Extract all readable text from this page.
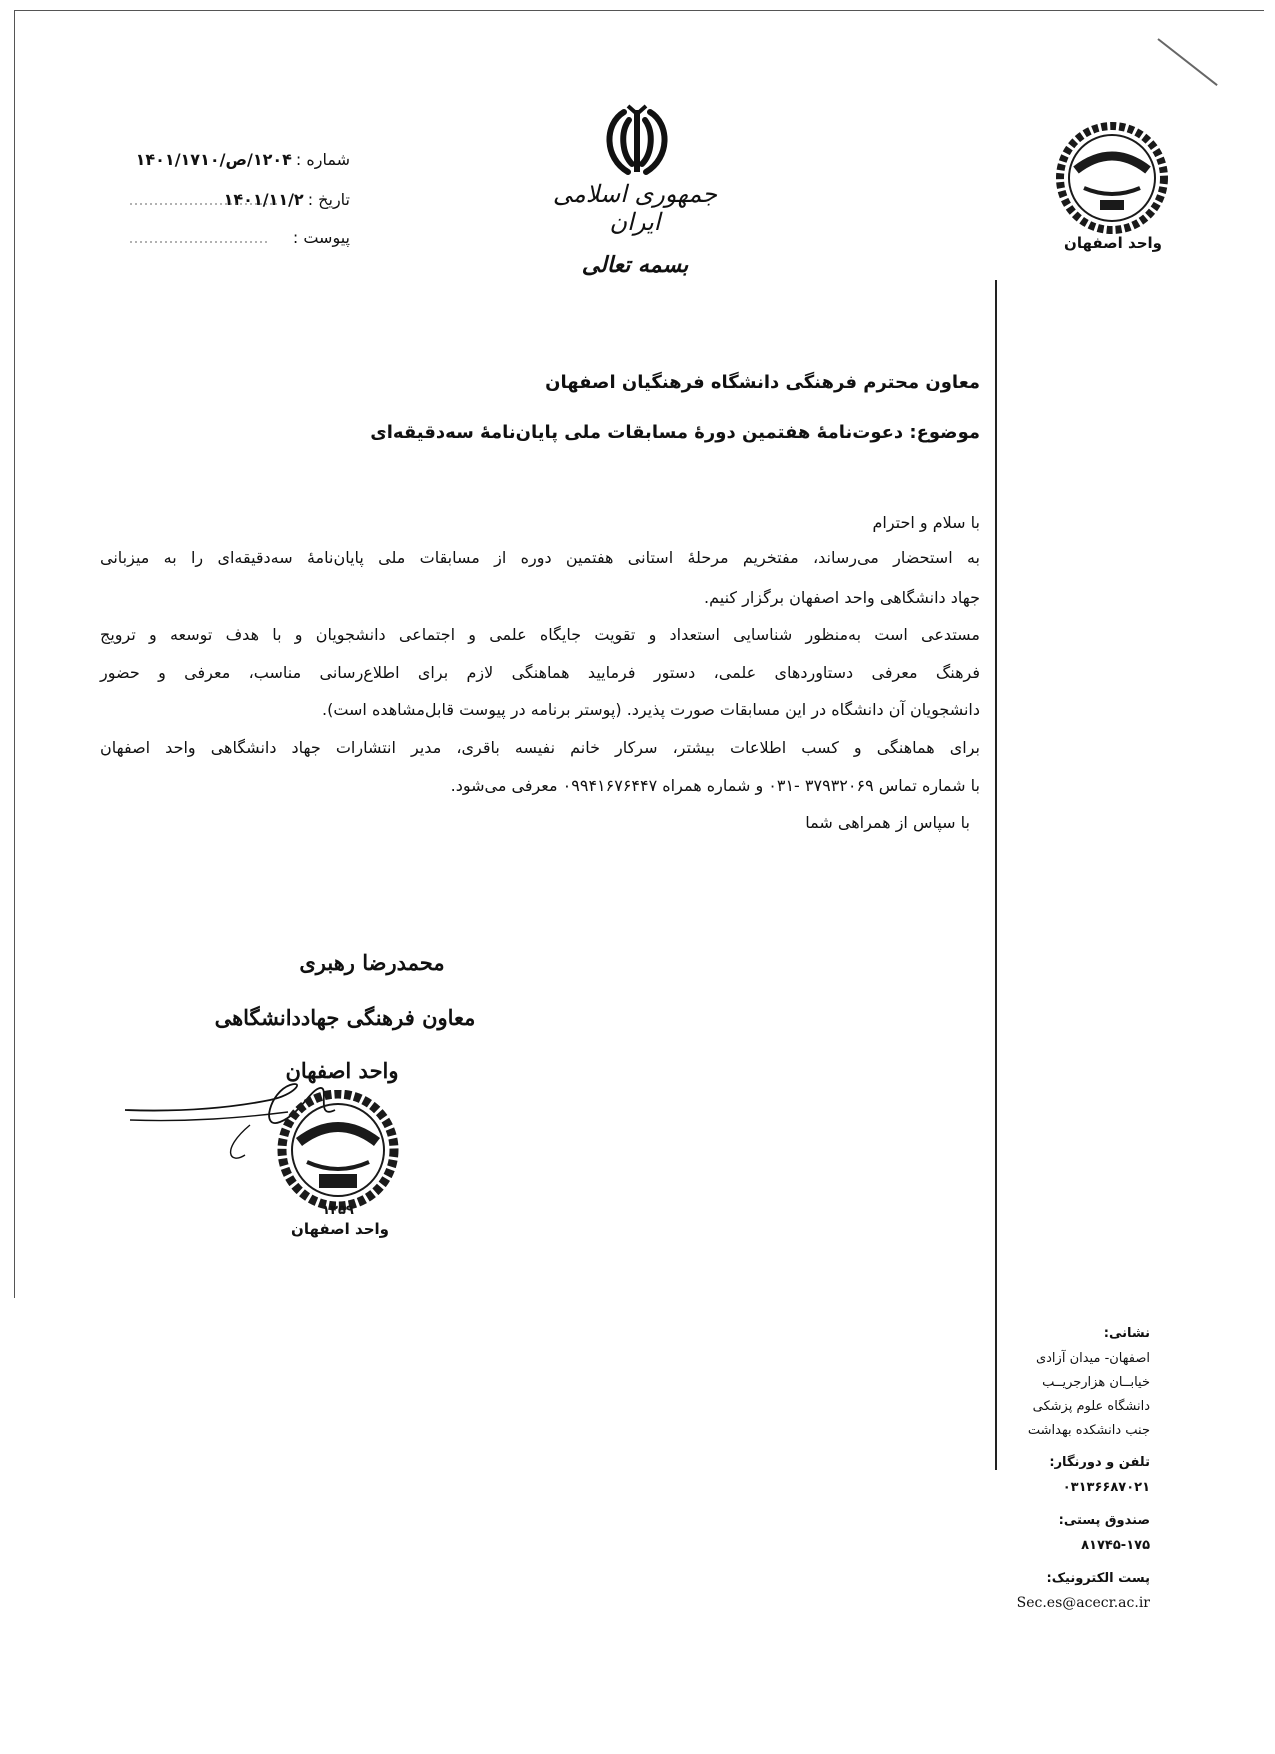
جمهوری اسلامی ایران
بسمه تعالی
شماره :۱۲۰۴/ص/۱۴۰۱/۱۷۱۰
تاریخ :۱۴۰۱/۱۱/۲
پیوست :	واحد اصفهان
معاون محترم فرهنگی دانشگاه فرهنگیان اصفهان
موضوع: دعوت‌نامهٔ هفتمین دورهٔ مسابقات ملی پایان‌نامهٔ سه‌دقیقه‌ای
با سلام و احترام
به استحضار می‌رساند، مفتخریم مرحلهٔ استانی هفتمین دوره از مسابقات ملی پایان‌نامهٔ سه‌دقیقه‌ای را به میزبانی
جهاد دانشگاهی واحد اصفهان برگزار کنیم.
مستدعی است به‌منظور شناسایی استعداد و تقویت جایگاه علمی و اجتماعی دانشجویان و با هدف توسعه و ترویج
فرهنگ معرفی دستاوردهای علمی، دستور فرمایید هماهنگی لازم برای اطلاع‌رسانی مناسب، معرفی و حضور
دانشجویان آن دانشگاه در این مسابقات صورت پذیرد. (پوستر برنامه در پیوست قابل‌مشاهده است).
برای هماهنگی و کسب اطلاعات بیشتر، سرکار خانم نفیسه باقری، مدیر انتشارات جهاد دانشگاهی واحد اصفهان
با شماره تماس ۳۷۹۳۲۰۶۹ -۰۳۱ و شماره همراه ۰۹۹۴۱۶۷۶۴۴۷ معرفی می‌شود.
با سپاس از همراهی شما
محمدرضا رهبری
معاون فرهنگی جهاددانشگاهی
واحد اصفهان
۱۳۵۹
واحد اصفهان
نشانی:
اصفهان- میدان آزادی
خیابــان هزارجریــب
دانشگاه علوم پزشکی
جنب دانشکده بهداشت
تلفن و دورنگار:
۰۳۱۳۶۶۸۷۰۲۱
صندوق پستی:
۸۱۷۴۵-۱۷۵
پست الکترونیک:
Sec.es@acecr.ac.ir
